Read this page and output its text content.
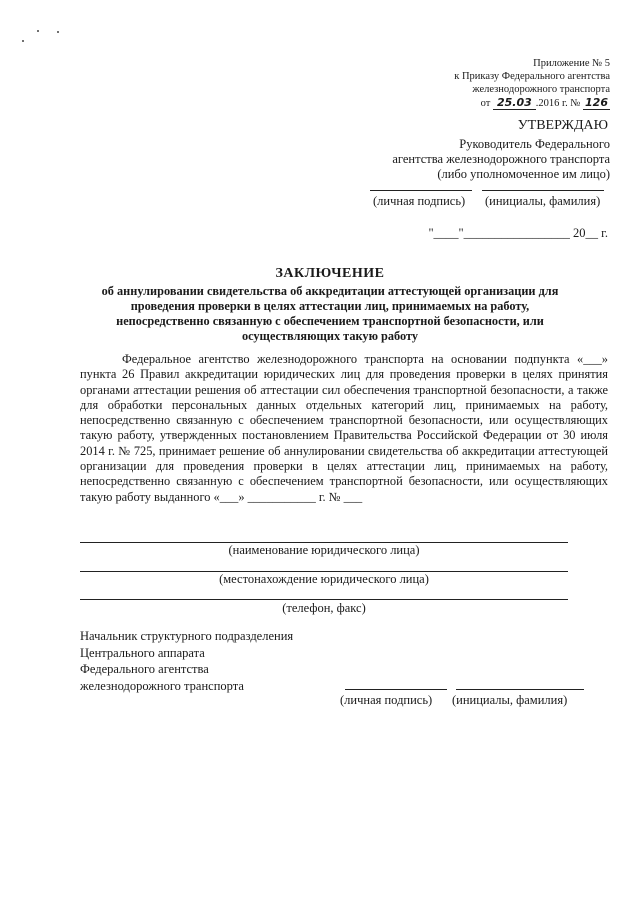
Приложение № 5
к Приказу Федерального агентства
железнодорожного транспорта
от 25.03 .2016 г. № 126
УТВЕРЖДАЮ
Руководитель Федерального
агентства железнодорожного транспорта
(либо уполномоченное им лицо)
(личная подпись) (инициалы, фамилия)
"____"_________________ 20__ г.
ЗАКЛЮЧЕНИЕ
об аннулировании свидетельства об аккредитации аттестующей организации для
проведения проверки в целях аттестации лиц, принимаемых на работу,
непосредственно связанную с обеспечением транспортной безопасности, или
осуществляющих такую работу
Федеральное агентство железнодорожного транспорта на основании подпункта «___» пункта 26 Правил аккредитации юридических лиц для проведения проверки в целях принятия органами аттестации решения об аттестации сил обеспечения транспортной безопасности, а также для обработки персональных данных отдельных категорий лиц, принимаемых на работу, непосредственно связанную с обеспечением транспортной безопасности, или осуществляющих такую работу, утвержденных постановлением Правительства Российской Федерации от 30 июля 2014 г. № 725, принимает решение об аннулировании свидетельства об аккредитации аттестующей организации для проведения проверки в целях аттестации лиц, принимаемых на работу, непосредственно связанную с обеспечением транспортной безопасности, или осуществляющих такую работу выданного «___» ___________ г. № ___
(наименование юридического лица)
(местонахождение юридического лица)
(телефон, факс)
Начальник структурного подразделения
Центрального аппарата
Федерального агентства
железнодорожного транспорта
(личная подпись) (инициалы, фамилия)
